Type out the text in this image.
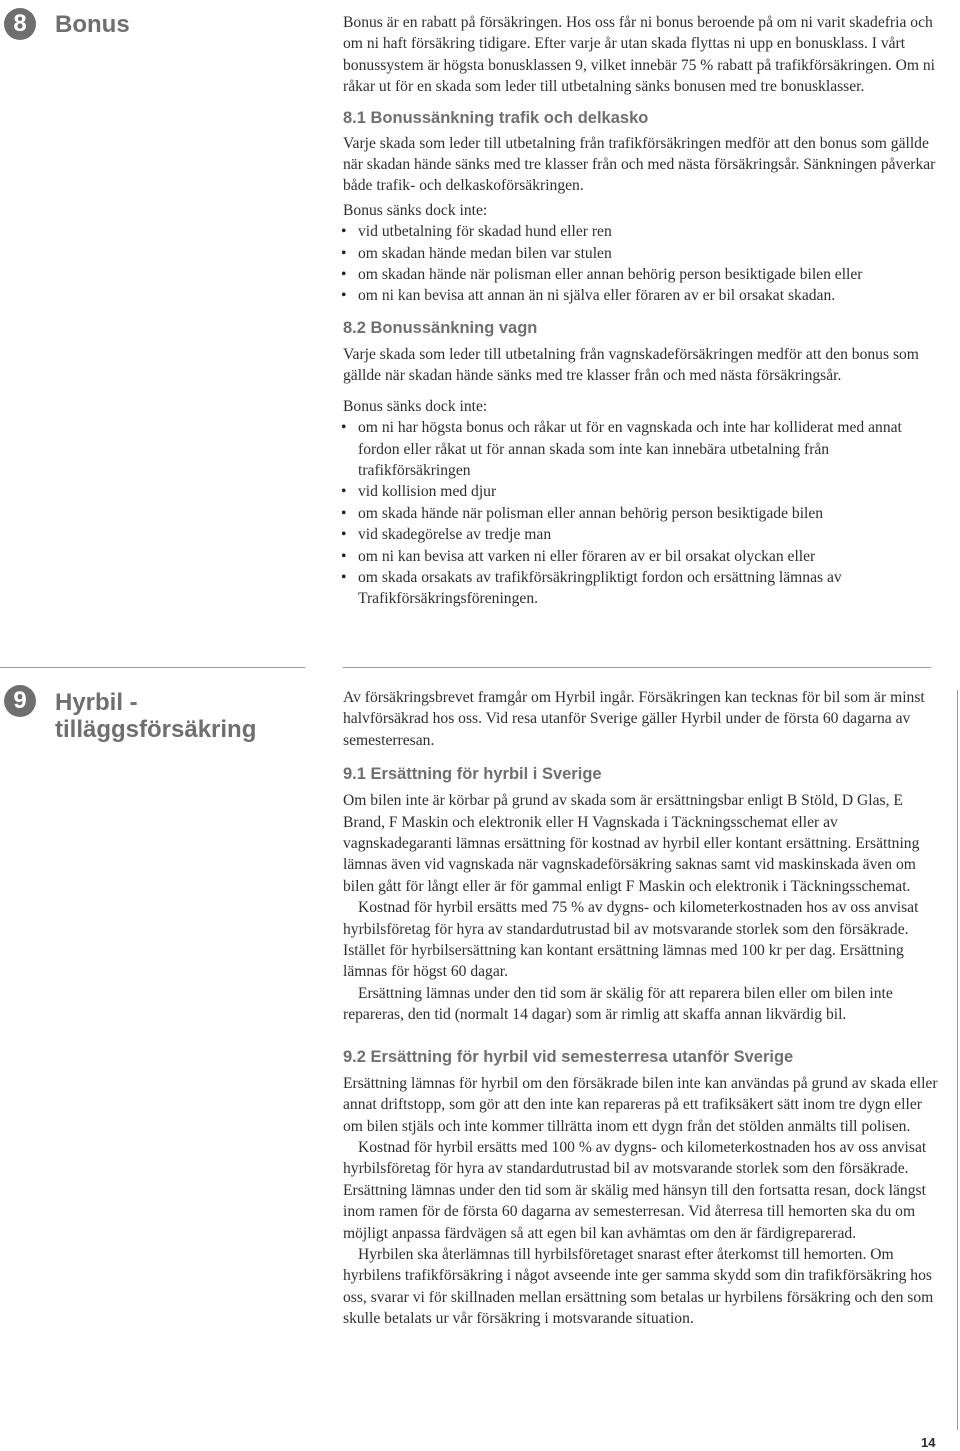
8	Bonus	Bonus är en rabatt på försäkringen. Hos oss får ni bonus beroende på om ni varit skadefria och om ni haft försäkring tidigare. Efter varje år utan skada flyttas ni upp en bonusklass. I vårt bonussystem är högsta bonusklassen 9, vilket innebär 75 % rabatt på trafikförsäkringen. Om ni råkar ut för en skada som leder till utbetalning sänks bonusen med tre bonusklasser.

8.1 Bonussänkning trafik och delkasko

Varje skada som leder till utbetalning från trafikförsäkringen medför att den bonus som gällde när skadan hände sänks med tre klasser från och med nästa försäkringsår. Sänkningen påverkar både trafik- och delkaskoförsäkringen.

Bonus sänks dock inte:

• vid utbetalning för skadad hund eller ren
• om skadan hände medan bilen var stulen
• om skadan hände när polisman eller annan behörig person besiktigade bilen eller
• om ni kan bevisa att annan än ni själva eller föraren av er bil orsakat skadan.

8.2 Bonussänkning vagn

Varje skada som leder till utbetalning från vagnskadeförsäkringen medför att den bonus som gällde när skadan hände sänks med tre klasser från och med nästa försäkringsår.

Bonus sänks dock inte:

• om ni har högsta bonus och råkar ut för en vagnskada och inte har kolliderat med annat fordon eller råkat ut för annan skada som inte kan innebära utbetalning från trafikförsäkringen
• vid kollision med djur
• om skada hände när polisman eller annan behörig person besiktigade bilen
• vid skadegörelse av tredje man
• om ni kan bevisa att varken ni eller föraren av er bil orsakat olyckan eller
• om skada orsakats av trafikförsäkringpliktigt fordon och ersättning lämnas av Trafikförsäkringsföreningen.
9	Hyrbil -
tilläggsförsäkring

Av försäkringsbrevet framgår om Hyrbil ingår. Försäkringen kan tecknas för bil som är minst halvförsäkrad hos oss. Vid resa utanför Sverige gäller Hyrbil under de första 60 dagarna av semesterresan.

9.1 Ersättning för hyrbil i Sverige

Om bilen inte är körbar på grund av skada som är ersättningsbar enligt B Stöld, D Glas, E Brand, F Maskin och elektronik eller H Vagnskada i Täckningsschemat eller av vagnskadegaranti lämnas ersättning för kostnad av hyrbil eller kontant ersättning. Ersättning lämnas även vid vagnskada när vagnskadeförsäkring saknas samt vid maskinskada även om bilen gått för långt eller är för gammal enligt F Maskin och elektronik i Täckningsschemat.

Kostnad för hyrbil ersätts med 75 % av dygns- och kilometerkostnaden hos av oss anvisat hyrbilsföretag för hyra av standardutrustad bil av motsvarande storlek som den försäkrade. Istället för hyrbilsersättning kan kontant ersättning lämnas med 100 kr per dag. Ersättning lämnas för högst 60 dagar.

Ersättning lämnas under den tid som är skälig för att reparera bilen eller om bilen inte repareras, den tid (normalt 14 dagar) som är rimlig att skaffa annan likvärdig bil.

9.2 Ersättning för hyrbil vid semesterresa utanför Sverige

Ersättning lämnas för hyrbil om den försäkrade bilen inte kan användas på grund av skada eller annat driftstopp, som gör att den inte kan repareras på ett trafiksäkert sätt inom tre dygn eller om bilen stjäls och inte kommer tillrätta inom ett dygn från det stölden anmälts till polisen.

Kostnad för hyrbil ersätts med 100 % av dygns- och kilometerkostnaden hos av oss anvisat hyrbilsföretag för hyra av standardutrustad bil av motsvarande storlek som den försäkrade. Ersättning lämnas under den tid som är skälig med hänsyn till den fortsatta resan, dock längst inom ramen för de första 60 dagarna av semesterresan. Vid återresa till hemorten ska du om möjligt anpassa färdvägen så att egen bil kan avhämtas om den är färdigreparerad.

Hyrbilen ska återlämnas till hyrbilsföretaget snarast efter återkomst till hemorten. Om hyrbilens trafikförsäkring i något avseende inte ger samma skydd som din trafikförsäkring hos oss, svarar vi för skillnaden mellan ersättning som betalas ur hyrbilens försäkring och den som skulle betalats ur vår försäkring i motsvarande situation.

14
